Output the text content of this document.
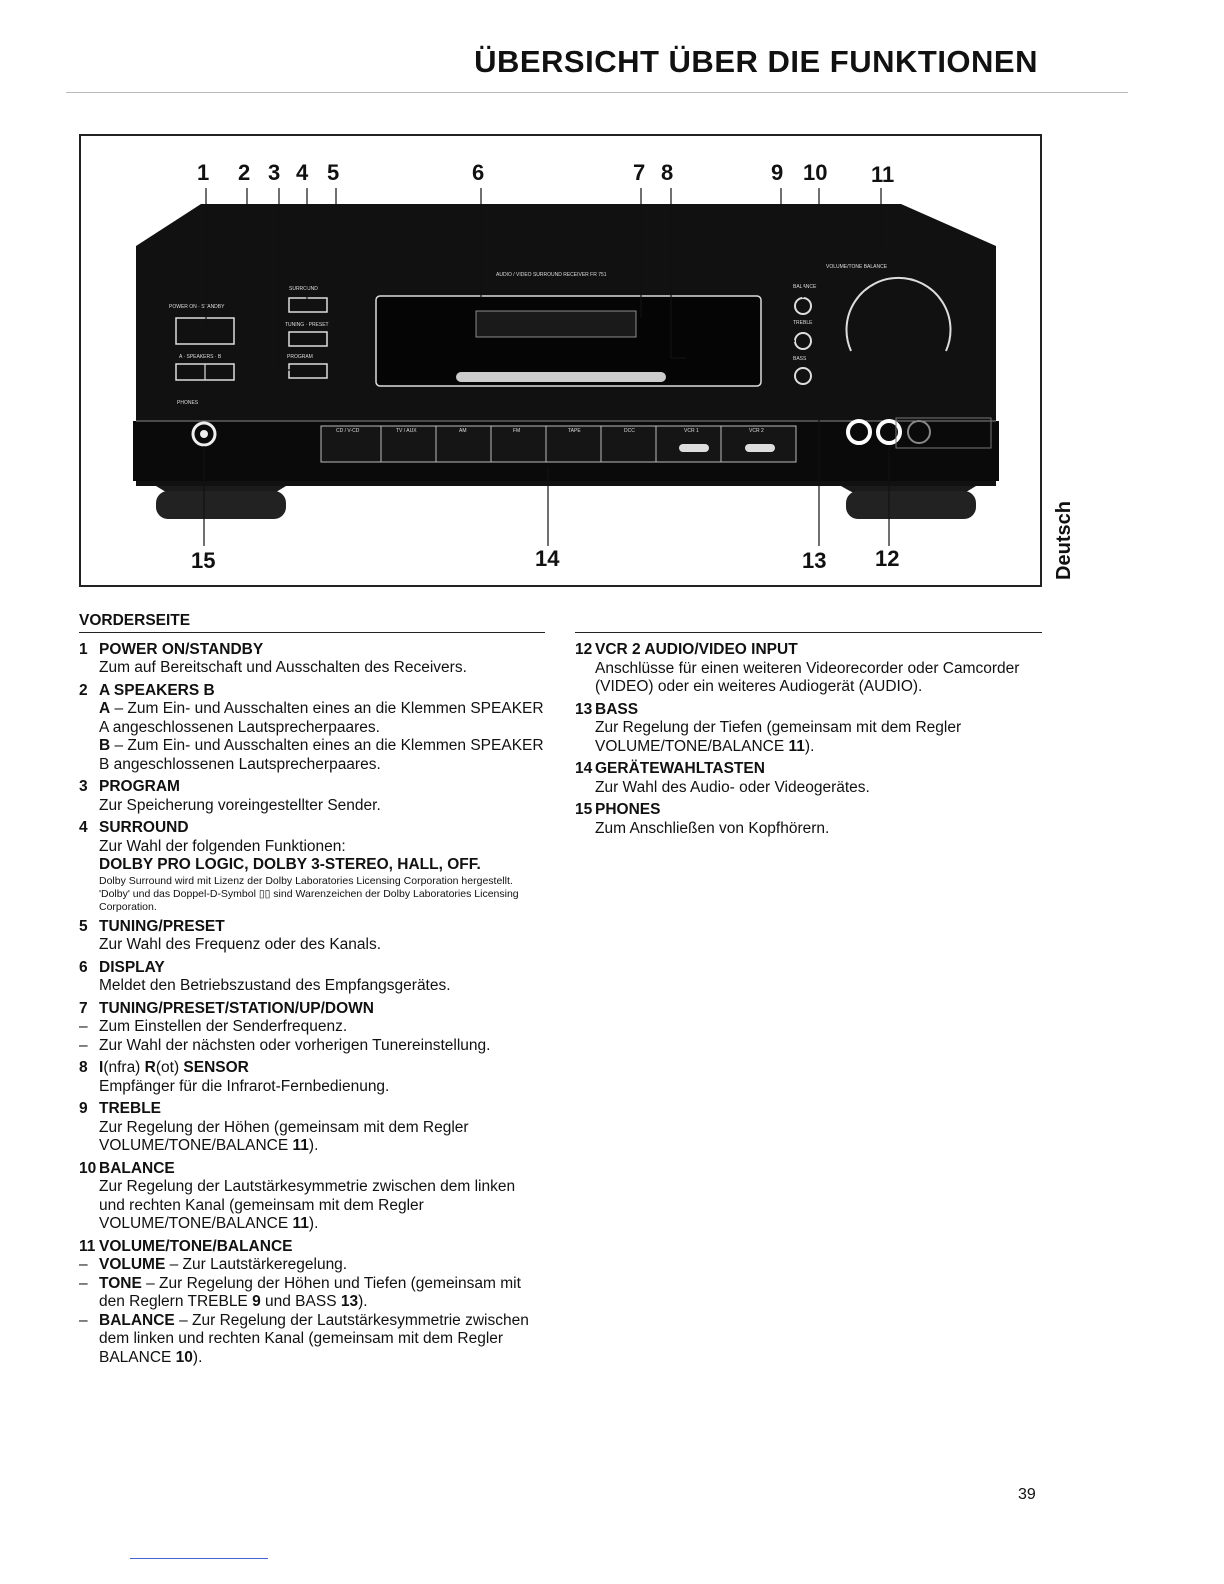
ÜBERSICHT ÜBER DIE FUNKTIONEN
POWER ON · STANDBY
A · SPEAKERS · B
PHONES
SURROUND
TUNING · PRESET
PROGRAM
AUDIO / VIDEO SURROUND RECEIVER FR 751
VOLUME/TONE BALANCE
BALANCE
TREBLE
BASS
CD / V-CD	TV / AUX	AM	FM	TAPE	DCC	VCR 1	VCR 2
1 2 3 4 5	6	7 8	9 10 11
15	14	13 12	Deutsch
VORDERSEITE
1 POWER ON/STANDBY
Zum auf Bereitschaft und Ausschalten des Receivers.
2 A SPEAKERS B
A – Zum Ein- und Ausschalten eines an die Klemmen SPEAKER A angeschlossenen Lautsprecherpaares.
B – Zum Ein- und Ausschalten eines an die Klemmen SPEAKER B angeschlossenen Lautsprecherpaares.
3 PROGRAM
Zur Speicherung voreingestellter Sender.
4 SURROUND
Zur Wahl der folgenden Funktionen:
DOLBY PRO LOGIC, DOLBY 3-STEREO, HALL, OFF.
Dolby Surround wird mit Lizenz der Dolby Laboratories Licensing Corporation hergestellt. 'Dolby' und das Doppel-D-Symbol ▯▯ sind Warenzeichen der Dolby Laboratories Licensing Corporation.
5 TUNING/PRESET
Zur Wahl des Frequenz oder des Kanals.
6 DISPLAY
Meldet den Betriebszustand des Empfangsgerätes.
7 TUNING/PRESET/STATION/UP/DOWN
– Zum Einstellen der Senderfrequenz.
– Zur Wahl der nächsten oder vorherigen Tunereinstellung.
8 I(nfra) R(ot) SENSOR
Empfänger für die Infrarot-Fernbedienung.
9 TREBLE
Zur Regelung der Höhen (gemeinsam mit dem Regler VOLUME/TONE/BALANCE 11).
10 BALANCE
Zur Regelung der Lautstärkesymmetrie zwischen dem linken und rechten Kanal (gemeinsam mit dem Regler VOLUME/TONE/BALANCE 11).
11 VOLUME/TONE/BALANCE
– VOLUME – Zur Lautstärkeregelung.
– TONE – Zur Regelung der Höhen und Tiefen (gemeinsam mit den Reglern TREBLE 9 und BASS 13).
– BALANCE – Zur Regelung der Lautstärkesymmetrie zwischen dem linken und rechten Kanal (gemeinsam mit dem Regler BALANCE 10).
12 VCR 2 AUDIO/VIDEO INPUT
Anschlüsse für einen weiteren Videorecorder oder Camcorder (VIDEO) oder ein weiteres Audiogerät (AUDIO).
13 BASS
Zur Regelung der Tiefen (gemeinsam mit dem Regler VOLUME/TONE/BALANCE 11).
14 GERÄTEWAHLTASTEN
Zur Wahl des Audio- oder Videogerätes.
15 PHONES
Zum Anschließen von Kopfhörern.
39
